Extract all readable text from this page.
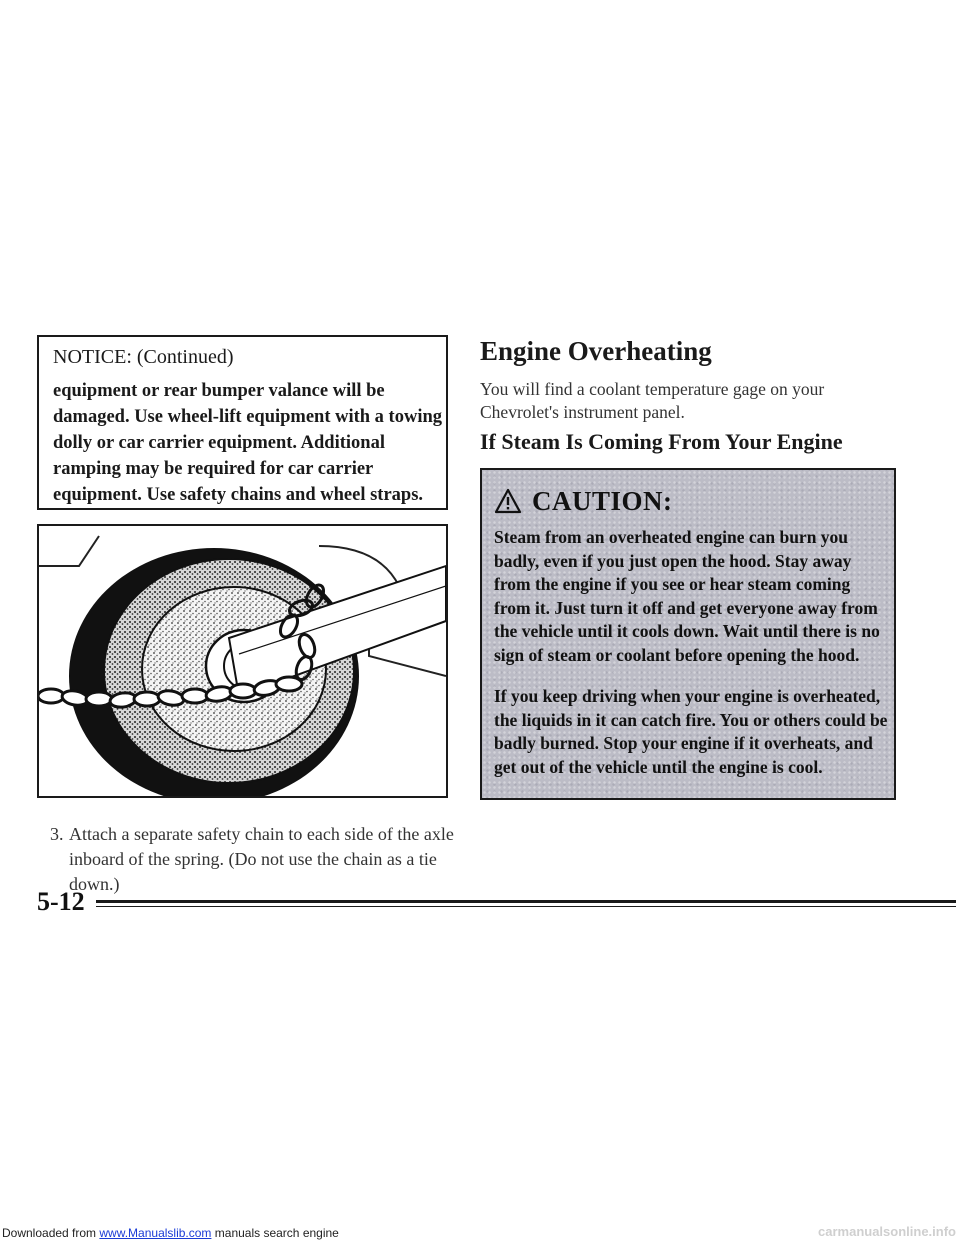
NOTICE: (Continued)
equipment or rear bumper valance will be damaged. Use wheel-lift equipment with a towing dolly or car carrier equipment. Additional ramping may be required for car carrier equipment. Use safety chains and wheel straps.
3. Attach a separate safety chain to each side of the axle inboard of the spring. (Do not use the chain as a tie down.)
5-12
Engine Overheating
You will find a coolant temperature gage on your Chevrolet's instrument panel.
If Steam Is Coming From Your Engine
CAUTION:
Steam from an overheated engine can burn you badly, even if you just open the hood. Stay away from the engine if you see or hear steam coming from it. Just turn it off and get everyone away from the vehicle until it cools down. Wait until there is no sign of steam or coolant before opening the hood.
If you keep driving when your engine is overheated, the liquids in it can catch fire. You or others could be badly burned. Stop your engine if it overheats, and get out of the vehicle until the engine is cool.
Downloaded from www.Manualslib.com manuals search engine	carmanualsonline.info
